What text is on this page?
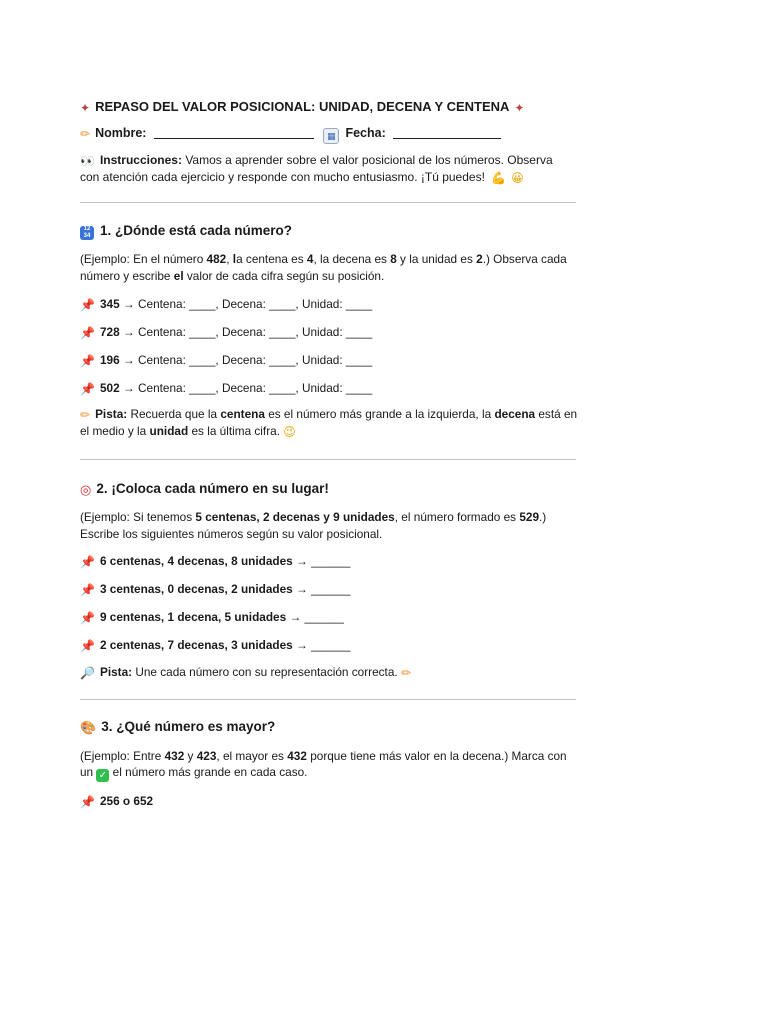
✦ REPASO DEL VALOR POSICIONAL: UNIDAD, DECENA Y CENTENA ✦
✏ Nombre:	▦ Fecha:
👀 Instrucciones: Vamos a aprender sobre el valor posicional de los números. Observa con atención cada ejercicio y responde con mucho entusiasmo. ¡Tú puedes! 💪 😀
12
34 1. ¿Dónde está cada número?
(Ejemplo: En el número 482, la centena es 4, la decena es 8 y la unidad es 2.) Observa cada número y escribe el valor de cada cifra según su posición.
📌 345 → Centena: ____, Decena: ____, Unidad: ____
📌 728 → Centena: ____, Decena: ____, Unidad: ____
📌 196 → Centena: ____, Decena: ____, Unidad: ____
📌 502 → Centena: ____, Decena: ____, Unidad: ____
✏ Pista: Recuerda que la centena es el número más grande a la izquierda, la decena está en el medio y la unidad es la última cifra. 😉
◎ 2. ¡Coloca cada número en su lugar!
(Ejemplo: Si tenemos 5 centenas, 2 decenas y 9 unidades, el número formado es 529.) Escribe los siguientes números según su valor posicional.
📌 6 centenas, 4 decenas, 8 unidades → ______
📌 3 centenas, 0 decenas, 2 unidades → ______
📌 9 centenas, 1 decena, 5 unidades → ______
📌 2 centenas, 7 decenas, 3 unidades → ______
🔎 Pista: Une cada número con su representación correcta. ✏
🎨 3. ¿Qué número es mayor?
(Ejemplo: Entre 432 y 423, el mayor es 432 porque tiene más valor en la decena.) Marca con un ✓ el número más grande en cada caso.
📌 256 o 652
